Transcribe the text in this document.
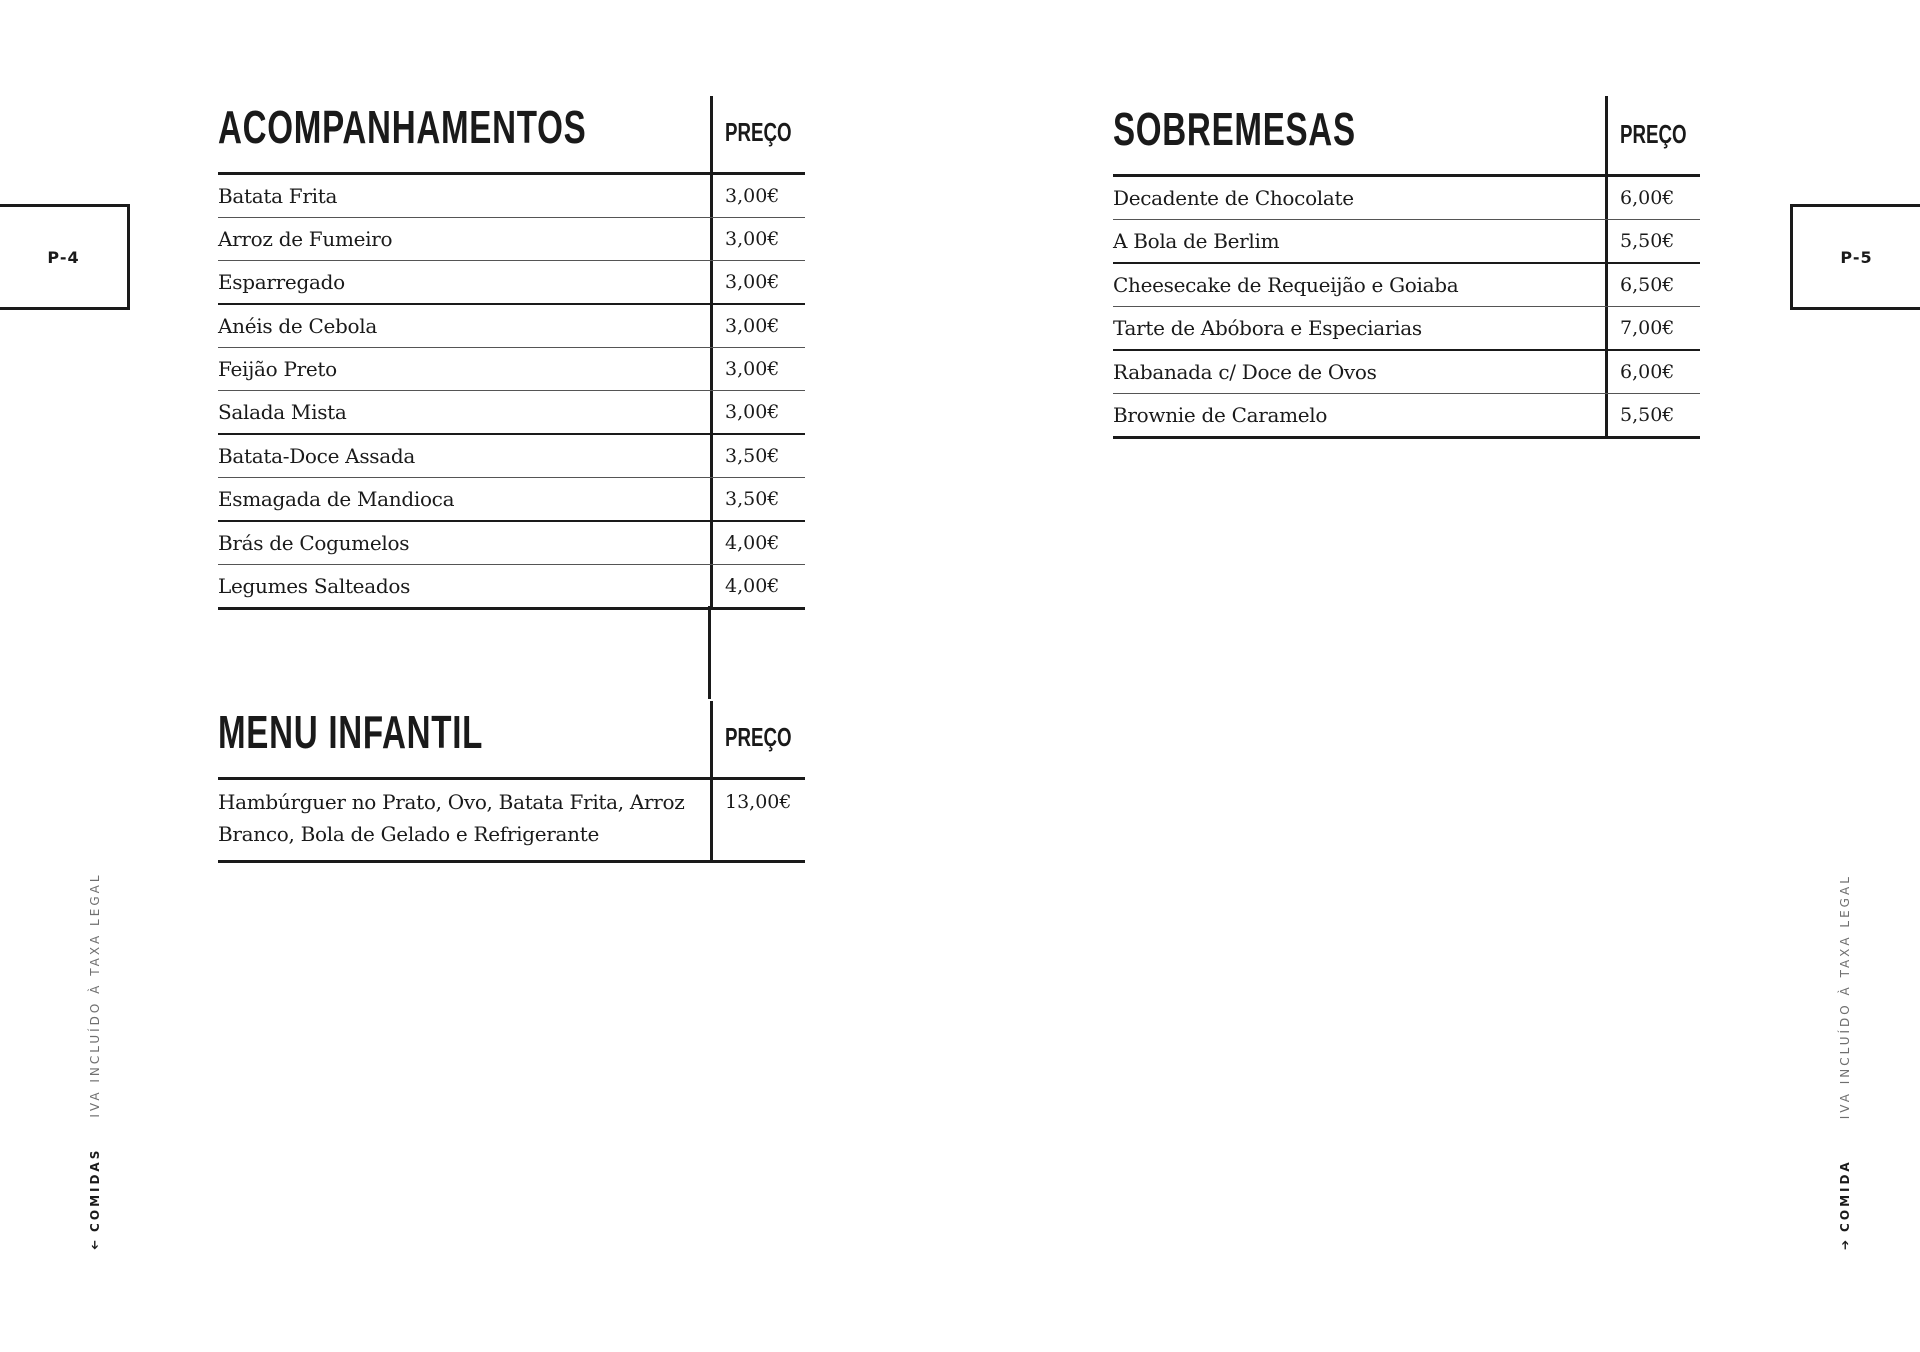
P-4	P-5
➔
COMIDAS
IVA INCLUÍDO À TAXA LEGAL
➔
COMIDA
IVA INCLUÍDO À TAXA LEGAL
ACOMPANHAMENTOS	PREÇO
Batata Frita	3,00€
Arroz de Fumeiro	3,00€
Esparregado	3,00€
Anéis de Cebola	3,00€
Feijão Preto	3,00€
Salada Mista	3,00€
Batata-Doce Assada	3,50€
Esmagada de Mandioca	3,50€
Brás de Cogumelos	4,00€
Legumes Salteados	4,00€
MENU INFANTIL	PREÇO
Hambúrguer no Prato, Ovo, Batata Frita, Arroz Branco, Bola de Gelado e Refrigerante
13,00€
SOBREMESAS	PREÇO
Decadente de Chocolate	6,00€
A Bola de Berlim	5,50€
Cheesecake de Requeijão e Goiaba	6,50€
Tarte de Abóbora e Especiarias	7,00€
Rabanada c/ Doce de Ovos	6,00€
Brownie de Caramelo	5,50€
